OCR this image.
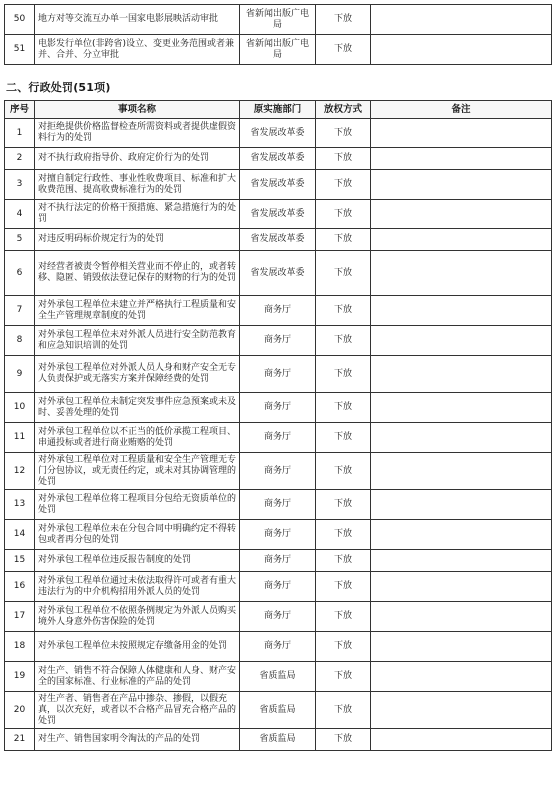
50	地方对等交流互办单一国家电影展映活动审批	省新闻出版广电局	下放	
51	电影发行单位(非跨省)设立、变更业务范围或者兼并、合并、分立审批	省新闻出版广电局	下放	
二、行政处罚(51项)
序号	事项名称	原实施部门	放权方式	备注
1	对拒绝提供价格监督检查所需资料或者提供虚假资料行为的处罚	省发展改革委	下放	
2	对不执行政府指导价、政府定价行为的处罚	省发展改革委	下放	
3	对擅自制定行政性、事业性收费项目、标准和扩大收费范围、提高收费标准行为的处罚	省发展改革委	下放	
4	对不执行法定的价格干预措施、紧急措施行为的处罚	省发展改革委	下放	
5	对违反明码标价规定行为的处罚	省发展改革委	下放	
6	对经营者被责令暂停相关营业而不停止的，或者转移、隐匿、销毁依法登记保存的财物的行为的处罚	省发展改革委	下放	
7	对外承包工程单位未建立并严格执行工程质量和安全生产管理规章制度的处罚	商务厅	下放	
8	对外承包工程单位未对外派人员进行安全防范教育和应急知识培训的处罚	商务厅	下放	
9	对外承包工程单位对外派人员人身和财产安全无专人负责保护或无落实方案并保障经费的处罚	商务厅	下放	
10	对外承包工程单位未制定突发事件应急预案或未及时、妥善处理的处罚	商务厅	下放	
11	对外承包工程单位以不正当的低价承揽工程项目、串通投标或者进行商业贿赂的处罚	商务厅	下放	
12	对外承包工程单位对工程质量和安全生产管理无专门分包协议，或无责任约定，或未对其协调管理的处罚	商务厅	下放	
13	对外承包工程单位将工程项目分包给无资质单位的处罚	商务厅	下放	
14	对外承包工程单位未在分包合同中明确约定不得转包或者再分包的处罚	商务厅	下放	
15	对外承包工程单位违反报告制度的处罚	商务厅	下放	
16	对外承包工程单位通过未依法取得许可或者有重大违法行为的中介机构招用外派人员的处罚	商务厅	下放	
17	对外承包工程单位不依照条例规定为外派人员购买境外人身意外伤害保险的处罚	商务厅	下放	
18	对外承包工程单位未按照规定存缴备用金的处罚	商务厅	下放	
19	对生产、销售不符合保障人体健康和人身、财产安全的国家标准、行业标准的产品的处罚	省质监局	下放	
20	对生产者、销售者在产品中掺杂、掺假，以假充真，以次充好，或者以不合格产品冒充合格产品的处罚	省质监局	下放	
21	对生产、销售国家明令淘汰的产品的处罚	省质监局	下放	
